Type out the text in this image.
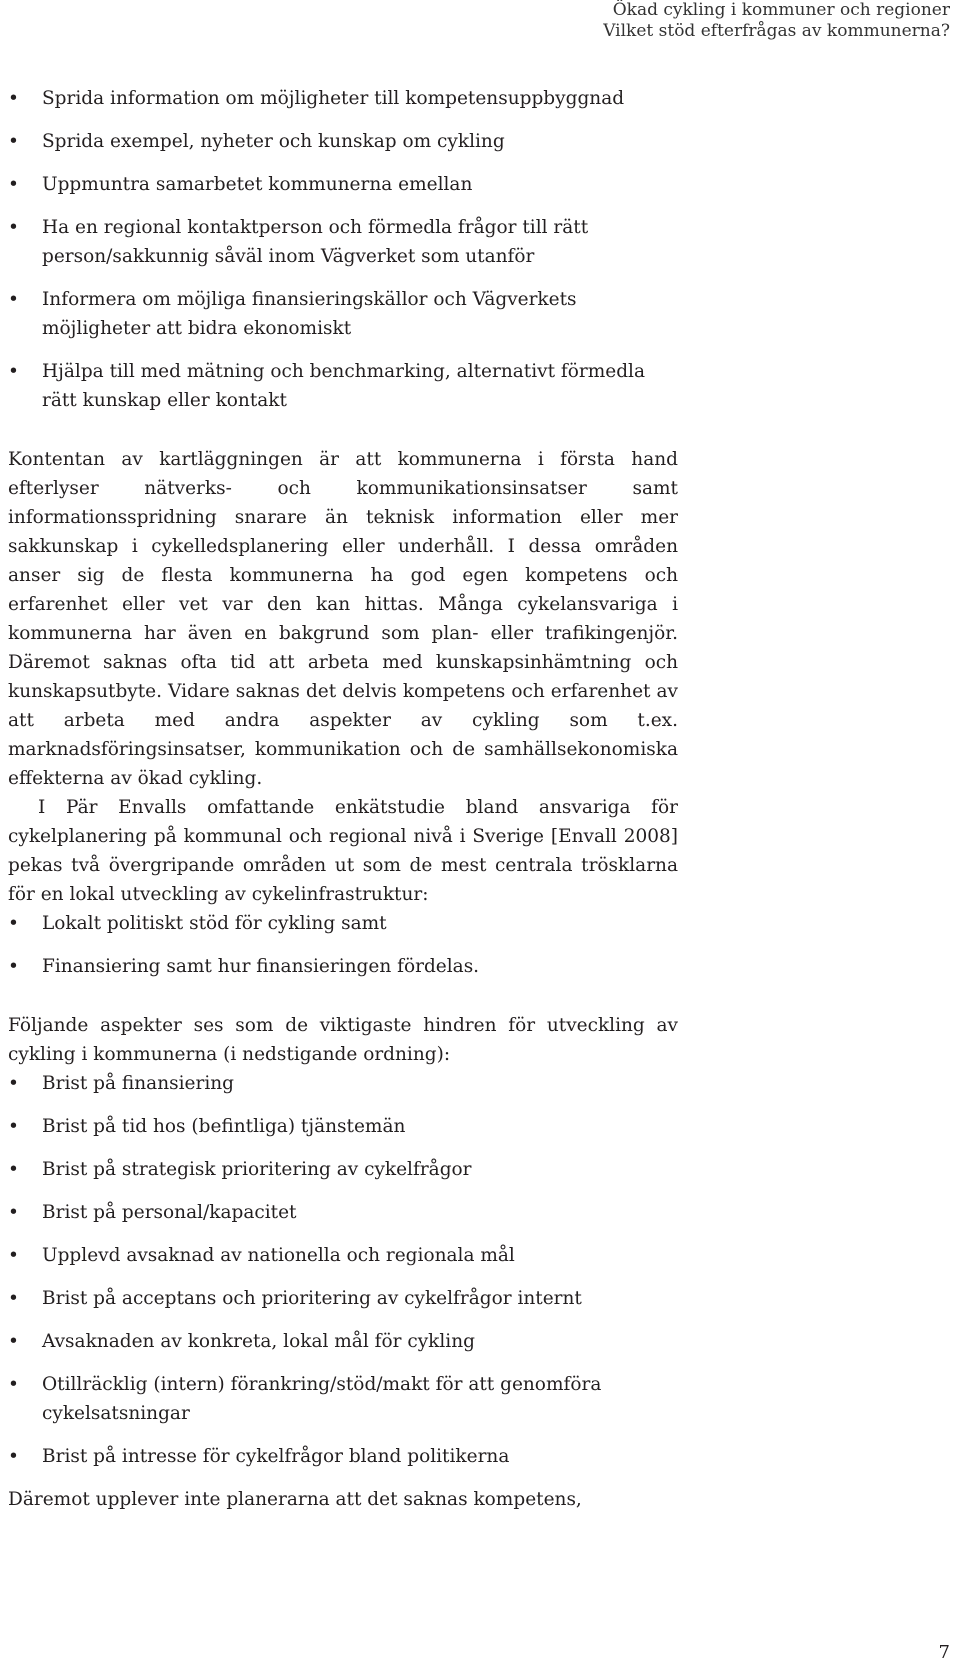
Ökad cykling i kommuner och regioner
Vilket stöd efterfrågas av kommunerna?
• Sprida information om möjligheter till kompetensuppbyggnad
• Sprida exempel, nyheter och kunskap om cykling
• Uppmuntra samarbetet kommunerna emellan
• Ha en regional kontaktperson och förmedla frågor till rätt person/sakkunnig såväl inom Vägverket som utanför
• Informera om möjliga finansieringskällor och Vägverkets möjligheter att bidra ekonomiskt
• Hjälpa till med mätning och benchmarking, alternativt förmedla rätt kunskap eller kontakt

Kontentan av kartläggningen är att kommunerna i första hand efterlyser nätverks- och kommunikationsinsatser samt informationsspridning snarare än teknisk information eller mer sakkunskap i cykelledsplanering eller underhåll. I dessa områden anser sig de flesta kommunerna ha god egen kompetens och erfarenhet eller vet var den kan hittas. Många cykelansvariga i kommunerna har även en bakgrund som plan- eller trafikingenjör. Däremot saknas ofta tid att arbeta med kunskapsinhämtning och kunskapsutbyte. Vidare saknas det delvis kompetens och erfarenhet av att arbeta med andra aspekter av cykling som t.ex. marknadsföringsinsatser, kommunikation och de samhällsekonomiska effekterna av ökad cykling.

I Pär Envalls omfattande enkätstudie bland ansvariga för cykelplanering på kommunal och regional nivå i Sverige [Envall 2008] pekas två övergripande områden ut som de mest centrala trösklarna för en lokal utveckling av cykelinfrastruktur:

• Lokalt politiskt stöd för cykling samt
• Finansiering samt hur finansieringen fördelas.

Följande aspekter ses som de viktigaste hindren för utveckling av cykling i kommunerna (i nedstigande ordning):

• Brist på finansiering
• Brist på tid hos (befintliga) tjänstemän
• Brist på strategisk prioritering av cykelfrågor
• Brist på personal/kapacitet
• Upplevd avsaknad av nationella och regionala mål
• Brist på acceptans och prioritering av cykelfrågor internt
• Avsaknaden av konkreta, lokal mål för cykling
• Otillräcklig (intern) förankring/stöd/makt för att genomföra cykelsatsningar
• Brist på intresse för cykelfrågor bland politikerna

Däremot upplever inte planerarna att det saknas kompetens,

7
